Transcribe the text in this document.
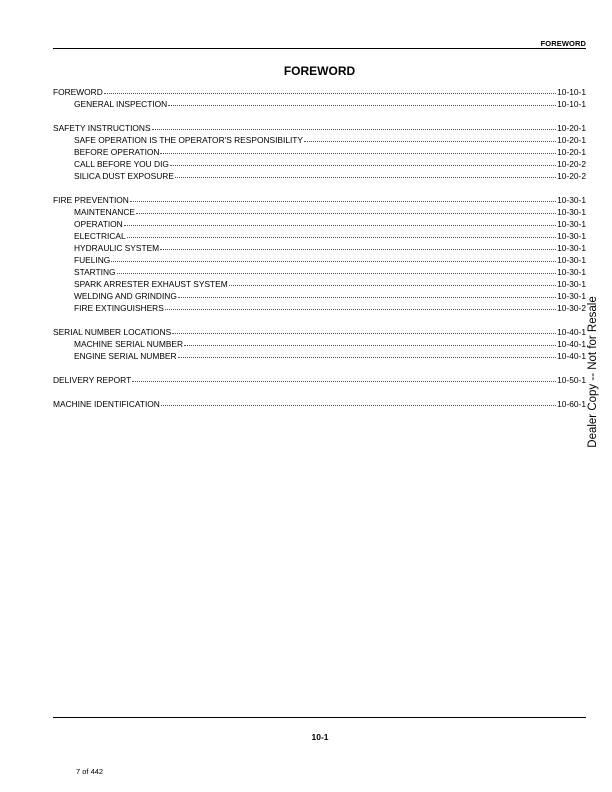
FOREWORD
FOREWORD
FOREWORD	10-10-1
GENERAL INSPECTION	10-10-1
SAFETY INSTRUCTIONS	10-20-1
SAFE OPERATION IS THE OPERATOR'S RESPONSIBILITY	10-20-1
BEFORE OPERATION	10-20-1
CALL BEFORE YOU DIG	10-20-2
SILICA DUST EXPOSURE	10-20-2
FIRE PREVENTION	10-30-1
MAINTENANCE	10-30-1
OPERATION	10-30-1
ELECTRICAL	10-30-1
HYDRAULIC SYSTEM	10-30-1
FUELING	10-30-1
STARTING	10-30-1
SPARK ARRESTER EXHAUST SYSTEM	10-30-1
WELDING AND GRINDING	10-30-1
FIRE EXTINGUISHERS	10-30-2
SERIAL NUMBER LOCATIONS	10-40-1
MACHINE SERIAL NUMBER	10-40-1
ENGINE SERIAL NUMBER	10-40-1
DELIVERY REPORT	10-50-1
MACHINE IDENTIFICATION	10-60-1 Dealer Copy -- Not for Resale
10-1
7 of 442
